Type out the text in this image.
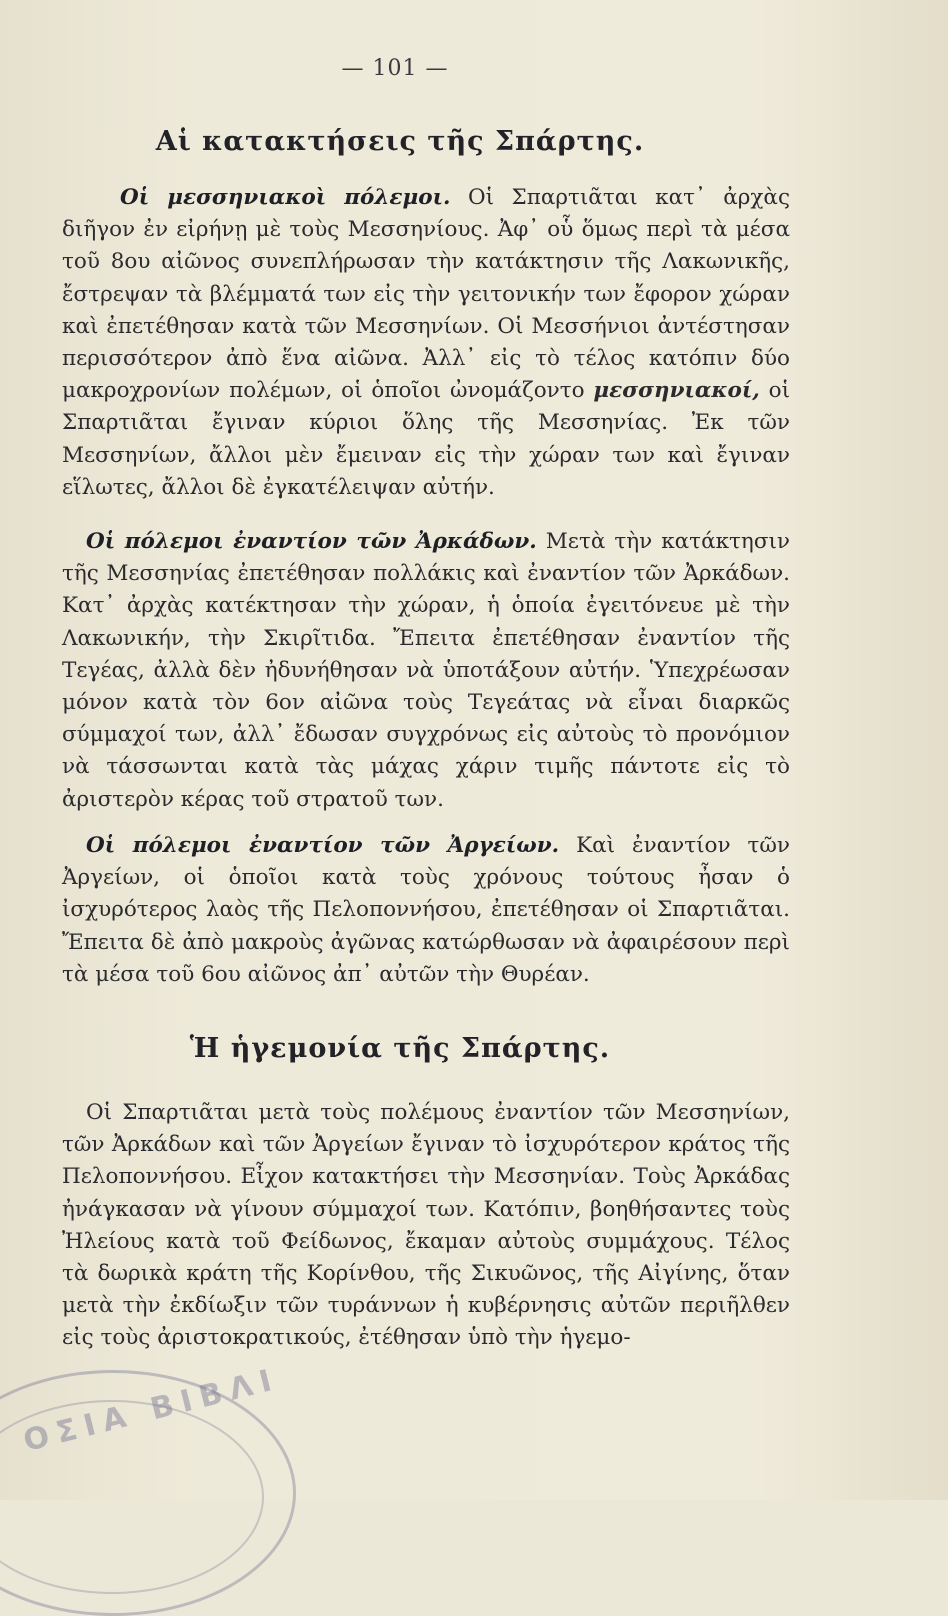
— 101 —
Αἱ κατακτήσεις τῆς Σπάρτης.

Οἱ μεσσηνιακοὶ πόλεμοι. Οἱ Σπαρτιᾶται κατ᾽ ἀρχὰς διῆγον ἐν εἰρήνῃ μὲ τοὺς Μεσσηνίους. Ἀφ᾽ οὗ ὅμως περὶ τὰ μέσα τοῦ 8ου αἰῶνος συνεπλήρωσαν τὴν κατάκτησιν τῆς Λακωνικῆς, ἔστρεψαν τὰ βλέμματά των εἰς τὴν γειτονικήν των ἔφορον χώραν καὶ ἐπετέθησαν κατὰ τῶν Μεσσηνίων. Οἱ Μεσσήνιοι ἀντέστησαν περισσότερον ἀπὸ ἕνα αἰῶνα. Ἀλλ᾽ εἰς τὸ τέλος κατόπιν δύο μακροχρονίων πολέμων, οἱ ὁποῖοι ὠνομάζοντο μεσσηνιακοί, οἱ Σπαρτιᾶται ἔγιναν κύριοι ὅλης τῆς Μεσσηνίας. Ἐκ τῶν Μεσσηνίων, ἄλλοι μὲν ἔμειναν εἰς τὴν χώραν των καὶ ἔγιναν εἵλωτες, ἄλλοι δὲ ἐγκατέλειψαν αὐτήν.

Οἱ πόλεμοι ἐναντίον τῶν Ἀρκάδων. Μετὰ τὴν κατάκτησιν τῆς Μεσσηνίας ἐπετέθησαν πολλάκις καὶ ἐναντίον τῶν Ἀρκάδων. Κατ᾽ ἀρχὰς κατέκτησαν τὴν χώραν, ἡ ὁποία ἐγειτόνευε μὲ τὴν Λακωνικήν, τὴν Σκιρῖτιδα. Ἔπειτα ἐπετέθησαν ἐναντίον τῆς Τεγέας, ἀλλὰ δὲν ἠδυνήθησαν νὰ ὑποτάξουν αὐτήν. Ὑπεχρέωσαν μόνον κατὰ τὸν 6ον αἰῶνα τοὺς Τεγεάτας νὰ εἶναι διαρκῶς σύμμαχοί των, ἀλλ᾽ ἔδωσαν συγχρόνως εἰς αὐτοὺς τὸ προνόμιον νὰ τάσσωνται κατὰ τὰς μάχας χάριν τιμῆς πάντοτε εἰς τὸ ἀριστερὸν κέρας τοῦ στρατοῦ των.

Οἱ πόλεμοι ἐναντίον τῶν Ἀργείων. Καὶ ἐναντίον τῶν Ἀργείων, οἱ ὁποῖοι κατὰ τοὺς χρόνους τούτους ἦσαν ὁ ἰσχυρότερος λαὸς τῆς Πελοποννήσου, ἐπετέθησαν οἱ Σπαρτιᾶται. Ἔπειτα δὲ ἀπὸ μακροὺς ἀγῶνας κατώρθωσαν νὰ ἀφαιρέσουν περὶ τὰ μέσα τοῦ 6ου αἰῶνος ἀπ᾽ αὐτῶν τὴν Θυρέαν.

Ἡ ἡγεμονία τῆς Σπάρτης.

Οἱ Σπαρτιᾶται μετὰ τοὺς πολέμους ἐναντίον τῶν Μεσσηνίων, τῶν Ἀρκάδων καὶ τῶν Ἀργείων ἔγιναν τὸ ἰσχυρότερον κράτος τῆς Πελοποννήσου. Εἶχον κατακτήσει τὴν Μεσσηνίαν. Τοὺς Ἀρκάδας ἠνάγκασαν νὰ γίνουν σύμμαχοί των. Κατόπιν, βοηθήσαντες τοὺς Ἠλείους κατὰ τοῦ Φείδωνος, ἔκαμαν αὐτοὺς συμμάχους. Τέλος τὰ δωρικὰ κράτη τῆς Κορίνθου, τῆς Σικυῶνος, τῆς Αἰγίνης, ὅταν μετὰ τὴν ἐκδίωξιν τῶν τυράννων ἡ κυβέρνησις αὐτῶν περιῆλθεν εἰς τοὺς ἀριστοκρατικούς, ἐτέθησαν ὑπὸ τὴν ἡγεμο-

ΟΣΙΑ ΒΙΒΛΙ
